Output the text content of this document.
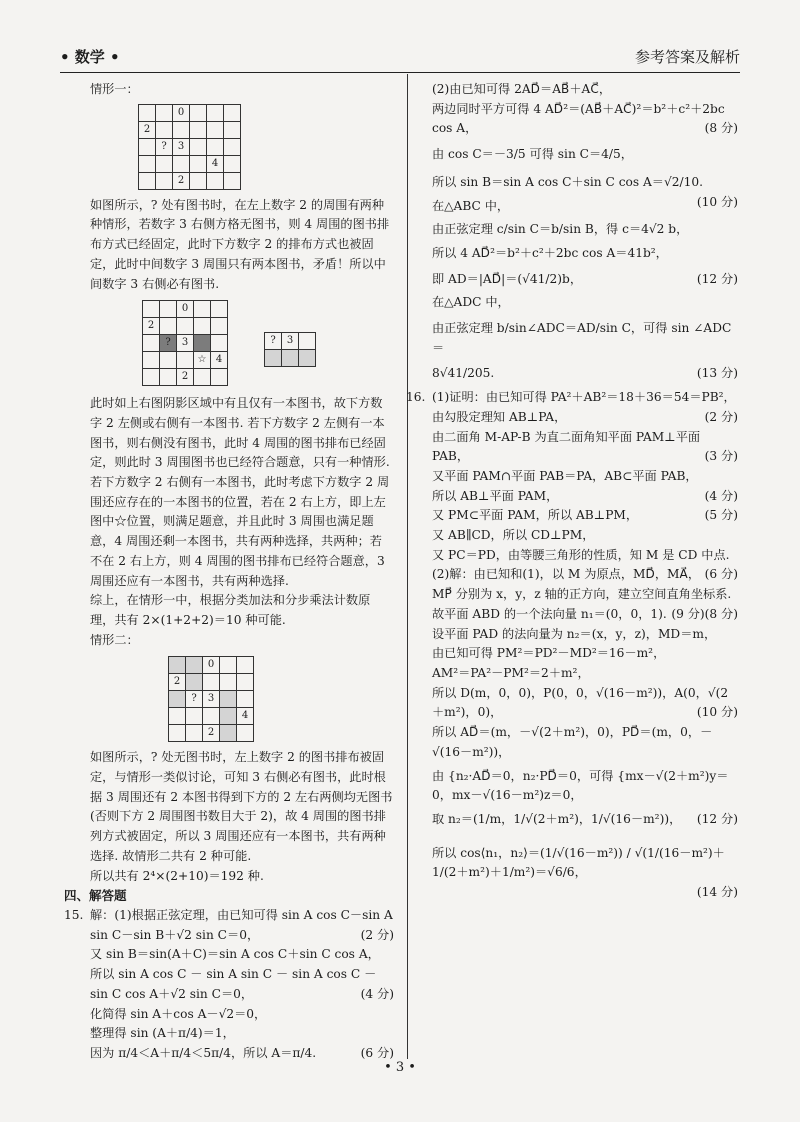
• 数学 •	参考答案及解析

情形一：

		0			
2					
	?	3			
				4	
		2			

如图所示，? 处有图书时，在左上数字 2 的周围有两种种情形，若数字 3 右侧方格无图书，则 4 周围的图书排布方式已经固定，此时下方数字 2 的排布方式也被固定，此时中间数字 3 周围只有两本图书，矛盾！所以中间数字 3 右侧必有图书.

		0		
2				
	?	3		
			☆	4
		2		
?	3	

此时如上右图阴影区域中有且仅有一本图书，故下方数字 2 左侧或右侧有一本图书. 若下方数字 2 左侧有一本图书，则右侧没有图书，此时 4 周围的图书排布已经固定，则此时 3 周围图书也已经符合题意，只有一种情形.

若下方数字 2 右侧有一本图书，此时考虑下方数字 2 周围还应存在的一本图书的位置，若在 2 右上方，即上左图中☆位置，则满足题意，并且此时 3 周围也满足题意，4 周围还剩一本图书，共有两种选择，共两种；若不在 2 右上方，则 4 周围的图书排布已经符合题意，3 周围还应有一本图书，共有两种选择.

综上，在情形一中，根据分类加法和分步乘法计数原理，共有 2×(1+2+2)＝10 种可能.

情形二：

		0		
2				
	?	3		
				4
		2		

如图所示，? 处无图书时，左上数字 2 的图书排布被固定，与情形一类似讨论，可知 3 右侧必有图书，此时根据 3 周围还有 2 本图书得到下方的 2 左右两侧均无图书(否则下方 2 周围图书数目大于 2)，故 4 周围的图书排列方式被固定，所以 3 周围还应有一本图书，共有两种选择. 故情形二共有 2 种可能.

所以共有 2⁴×(2+10)＝192 种.

四、解答题

15. 解：(1)根据正弦定理，由已知可得 sin A cos C－sin A sin C－sin B＋√2 sin C＝0，	(2 分)

又 sin B＝sin(A＋C)＝sin A cos C＋sin C cos A，

所以 sin A cos C － sin A sin C － sin A cos C －sin C cos A＋√2 sin C＝0，	(4 分)

化简得 sin A＋cos A－√2＝0，

整理得 sin (A＋π/4)＝1，

因为 π/4＜A＋π/4＜5π/4，所以 A＝π/4.	(6 分)

(2)由已知可得 2AD⃗＝AB⃗＋AC⃗，

两边同时平方可得 4 AD⃗²＝(AB⃗＋AC⃗)²＝b²＋c²＋2bc cos A，	(8 分)

由 cos C＝－3/5 可得 sin C＝4/5，

所以 sin B＝sin A cos C＋sin C cos A＝√2/10.
(10 分)

在△ABC 中，

由正弦定理 c/sin C＝b/sin B，得 c＝4√2 b，

所以 4 AD⃗²＝b²＋c²＋2bc cos A＝41b²，

即 AD＝|AD⃗|＝(√41/2)b，	(12 分)

在△ADC 中，

由正弦定理 b/sin∠ADC＝AD/sin C，可得 sin ∠ADC＝

8√41/205.	(13 分)

16. (1)证明：由已知可得 PA²＋AB²＝18＋36＝54＝PB²，

由勾股定理知 AB⊥PA，	(2 分)

由二面角 M-AP-B 为直二面角知平面 PAM⊥平面 PAB，	(3 分)

又平面 PAM∩平面 PAB＝PA，AB⊂平面 PAB，

所以 AB⊥平面 PAM，	(4 分)

又 PM⊂平面 PAM，所以 AB⊥PM，	(5 分)

又 AB∥CD，所以 CD⊥PM，

又 PC＝PD，由等腰三角形的性质，知 M 是 CD 中点.
(6 分)

(2)解：由已知和(1)，以 M 为原点，MD⃗，MA⃗，MP⃗ 分别为 x，y，z 轴的正方向，建立空间直角坐标系.
(8 分)

故平面 ABD 的一个法向量 n₁＝(0，0，1). (9 分)

设平面 PAD 的法向量为 n₂＝(x，y，z)，MD＝m，

由已知可得 PM²＝PD²－MD²＝16－m²，

AM²＝PA²－PM²＝2＋m²，

所以 D(m，0，0)，P(0，0，√(16－m²))，A(0，√(2＋m²)，0)，	(10 分)

所以 AD⃗＝(m，－√(2＋m²)，0)，PD⃗＝(m，0，－√(16－m²))，

由 {n₂·AD⃗＝0，n₂·PD⃗＝0，可得 {mx－√(2＋m²)y＝0，mx－√(16－m²)z＝0，

取 n₂＝(1/m，1/√(2＋m²)，1/√(16－m²))， (12 分)

所以 cos⟨n₁，n₂⟩＝(1/√(16－m²)) / √(1/(16－m²)＋1/(2＋m²)＋1/m²)＝√6/6，

(14 分)

• 3 •
